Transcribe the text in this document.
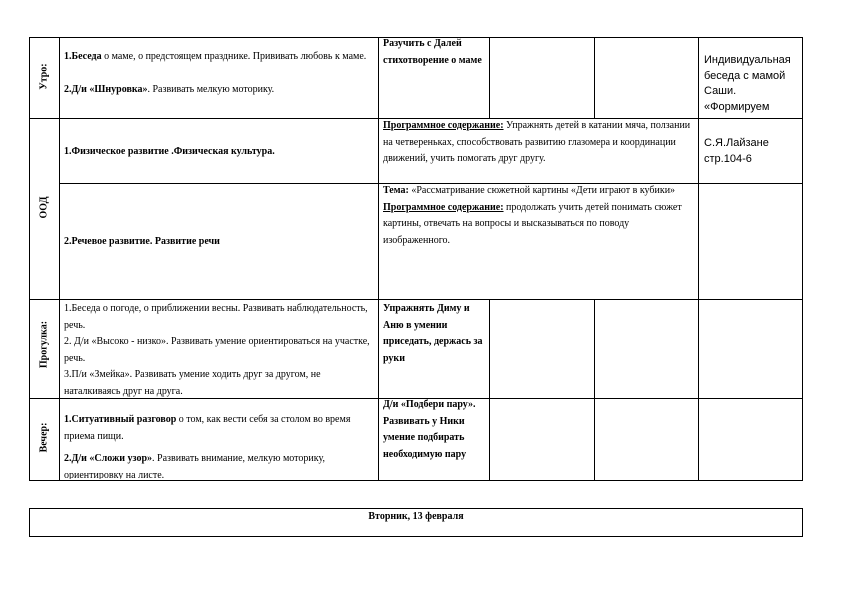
Утро:
ООД
Прогулка:
Вечер:

1.Беседа о маме, о предстоящем празднике. Прививать любовь к маме.

2.Д/и «Шнуровка». Развивать мелкую моторику.

Разучить с Далей стихотворение о маме	Индивидуальная беседа с мамой Саши. «Формируем
1.Физическое развитие .Физическая культура.
Программное содержание: Упражнять детей в катании мяча, ползании на четвереньках, способствовать развитию глазомера и координации движений, учить помогать друг другу.
С.Я.Лайзане стр.104-6
2.Речевое развитие. Развитие речи

Тема: «Рассматривание сюжетной картины «Дети играют в кубики»

Программное содержание: продолжать учить детей понимать сюжет картины, отвечать на вопросы и высказываться по поводу изображенного.

1.Беседа о погоде, о приближении весны. Развивать наблюдательность, речь.

2. Д/и «Высоко - низко». Развивать умение ориентироваться на участке, речь.

3.П/и «Змейка». Развивать умение ходить друг за другом, не наталкиваясь друг на друга.

Упражнять Диму и Аню в умении приседать, держась за руки

1.Ситуативный разговор о том, как вести себя за столом во время приема пищи.

2.Д/и «Сложи узор». Развивать внимание, мелкую моторику, ориентировку на листе.

Д/и «Подбери пару». Развивать у Ники умение подбирать необходимую пару
Вторник, 13 февраля
